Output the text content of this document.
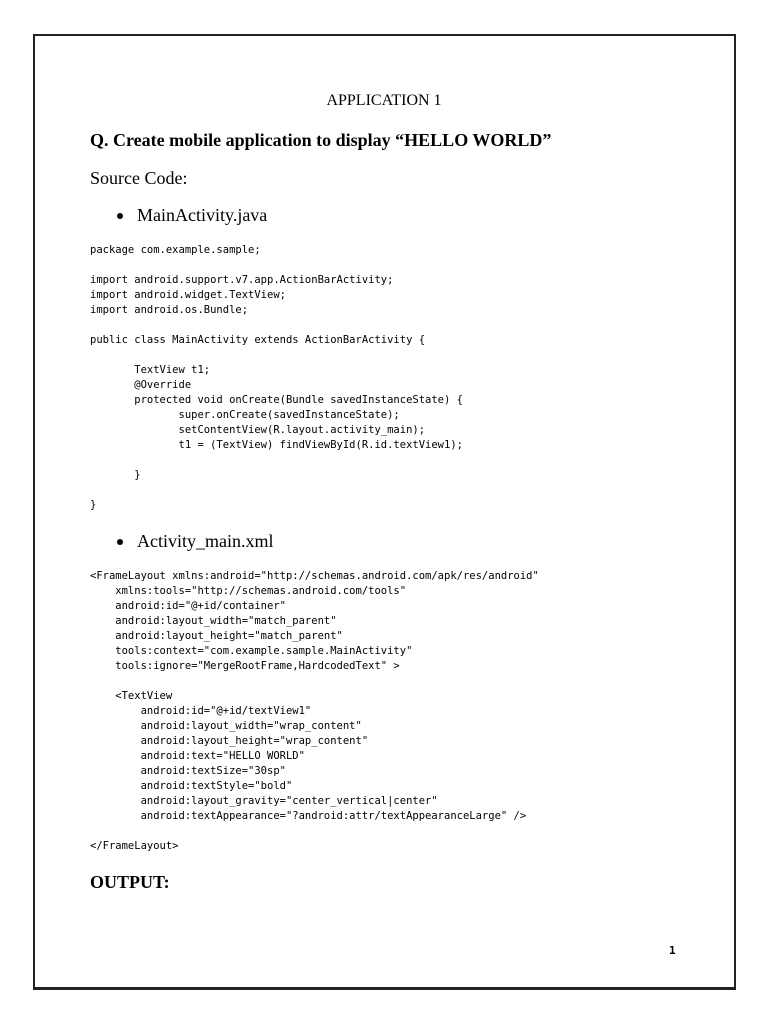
APPLICATION 1
Q. Create mobile application to display “HELLO WORLD”
Source Code:
MainActivity.java
package com.example.sample;

import android.support.v7.app.ActionBarActivity;
import android.widget.TextView;
import android.os.Bundle;

public class MainActivity extends ActionBarActivity {

TextView t1;
@Override
protected void onCreate(Bundle savedInstanceState) {
super.onCreate(savedInstanceState);
setContentView(R.layout.activity_main);
t1 = (TextView) findViewById(R.id.textView1);

}

}
Activity_main.xml
<FrameLayout xmlns:android="http://schemas.android.com/apk/res/android"
xmlns:tools="http://schemas.android.com/tools"
android:id="@+id/container"
android:layout_width="match_parent"
android:layout_height="match_parent"
tools:context="com.example.sample.MainActivity"
tools:ignore="MergeRootFrame,HardcodedText" >

<TextView
android:id="@+id/textView1"
android:layout_width="wrap_content"
android:layout_height="wrap_content"
android:text="HELLO WORLD"
android:textSize="30sp"
android:textStyle="bold"
android:layout_gravity="center_vertical|center"
android:textAppearance="?android:attr/textAppearanceLarge" />

</FrameLayout>
OUTPUT:
1
